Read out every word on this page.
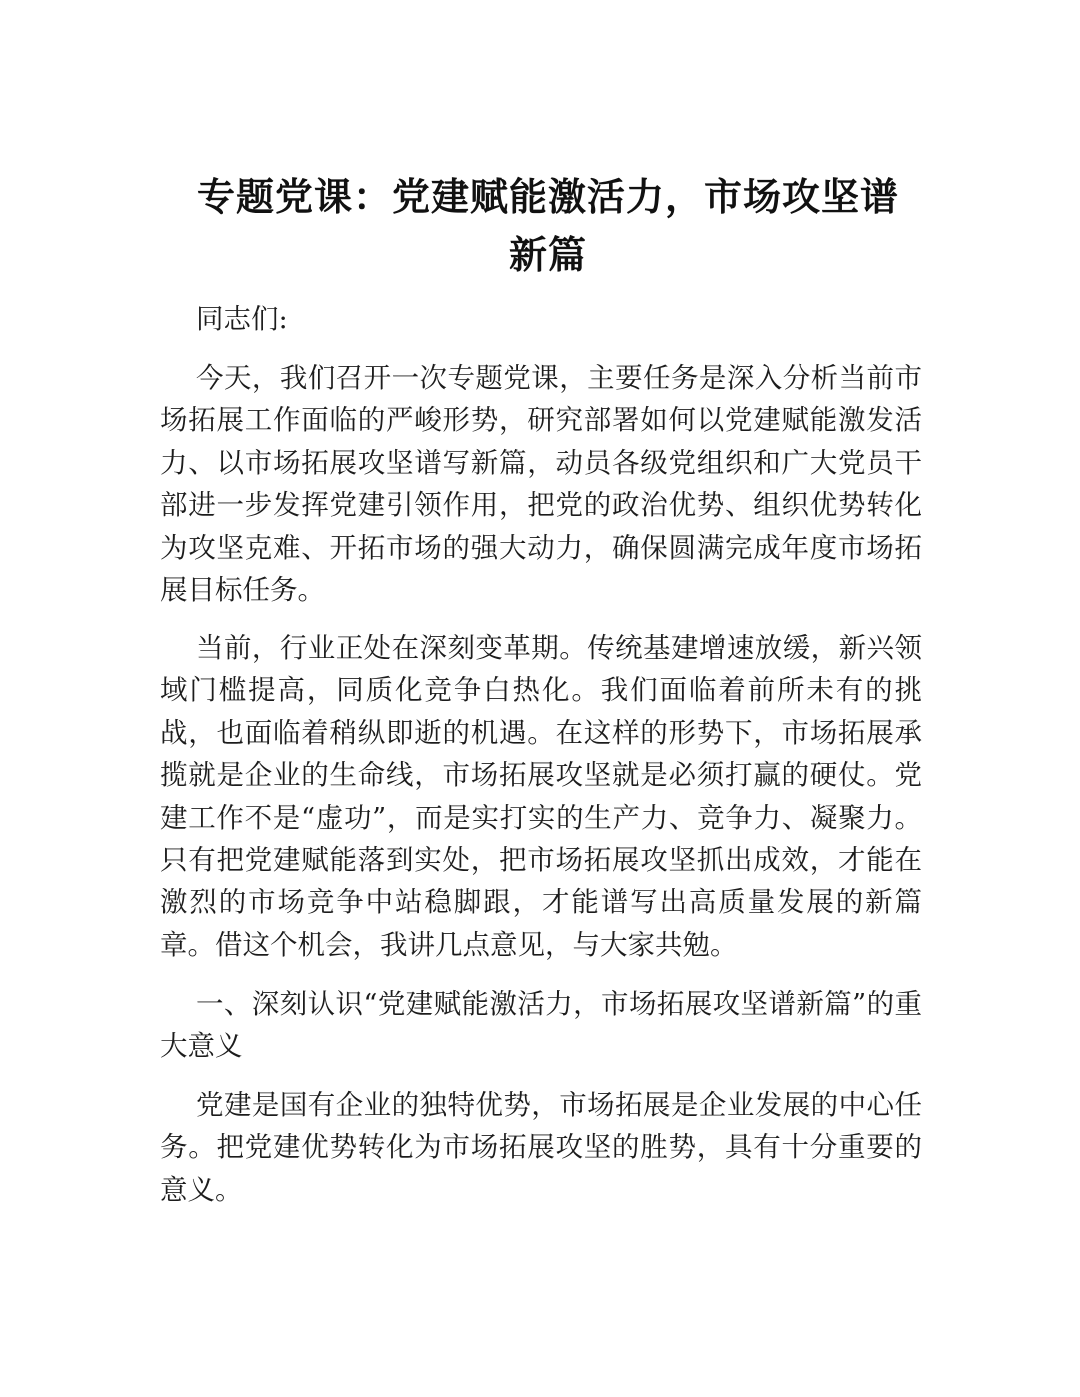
专题党课：党建赋能激活力，市场攻坚谱新篇

同志们:

今天，我们召开一次专题党课，主要任务是深入分析当前市场拓展工作面临的严峻形势，研究部署如何以党建赋能激发活力、以市场拓展攻坚谱写新篇，动员各级党组织和广大党员干部进一步发挥党建引领作用，把党的政治优势、组织优势转化为攻坚克难、开拓市场的强大动力，确保圆满完成年度市场拓展目标任务。

当前，行业正处在深刻变革期。传统基建增速放缓，新兴领域门槛提高，同质化竞争白热化。我们面临着前所未有的挑战，也面临着稍纵即逝的机遇。在这样的形势下，市场拓展承揽就是企业的生命线，市场拓展攻坚就是必须打赢的硬仗。党建工作不是“虚功”，而是实打实的生产力、竞争力、凝聚力。只有把党建赋能落到实处，把市场拓展攻坚抓出成效，才能在激烈的市场竞争中站稳脚跟，才能谱写出高质量发展的新篇章。借这个机会，我讲几点意见，与大家共勉。

一、深刻认识“党建赋能激活力，市场拓展攻坚谱新篇”的重大意义

党建是国有企业的独特优势，市场拓展是企业发展的中心任务。把党建优势转化为市场拓展攻坚的胜势，具有十分重要的意义。
